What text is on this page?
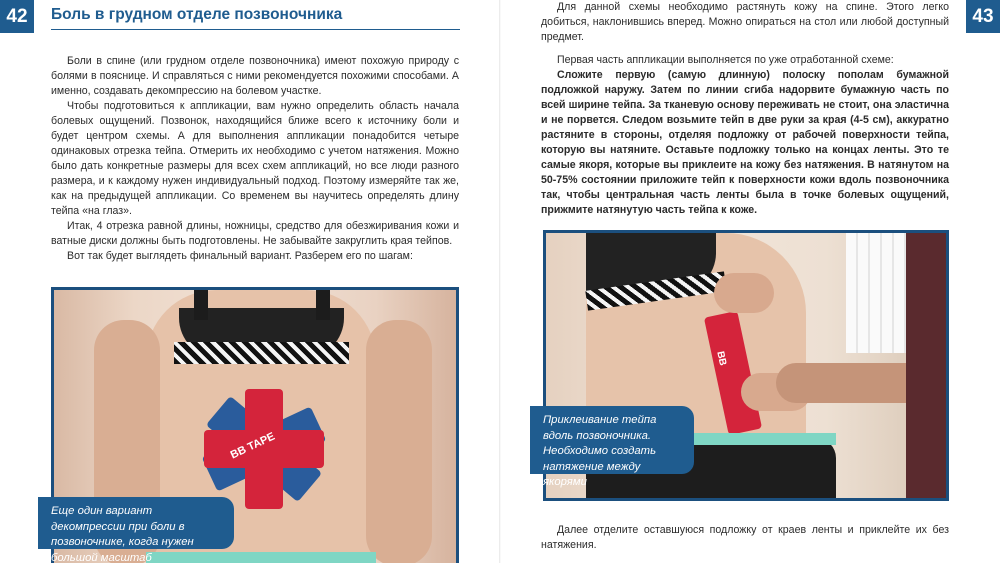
42	Боль в грудном отделе позвоночника

Боли в спине (или грудном отделе позвоночника) имеют похожую природу с болями в пояснице. И справляться с ними рекомендуется похожими способами. А именно, создавать декомпрессию на болевом участке.

Чтобы подготовиться к аппликации, вам нужно определить область начала болевых ощущений. Позвонок, находящийся ближе всего к источнику боли и будет центром схемы. А для выполнения аппликации понадобится четыре одинаковых отрезка тейпа. Отмерить их необходимо с учетом натяжения. Можно было дать конкретные размеры для всех схем аппликаций, но все люди разного размера, и к каждому нужен индивидуальный подход. Поэтому измеряйте так же, как на предыдущей аппликации. Со временем вы научитесь определять длину тейпа «на глаз».

Итак, 4 отрезка равной длины, ножницы, средство для обезжиривания кожи и ватные диски должны быть подготовлены. Не забывайте закруглить края тейпов.

Вот так будет выглядеть финальный вариант. Разберем его по шагам:

BB TAPE
Еще один вариант декомпрессии при боли в позвоночнике, когда нужен большой масштаб
43

Для данной схемы необходимо растянуть кожу на спине. Этого легко добиться, наклонившись вперед. Можно опираться на стол или любой доступный предмет.

Первая часть аппликации выполняется по уже отработанной схеме:

Сложите первую (самую длинную) полоску пополам бумажной подложкой наружу. Затем по линии сгиба надорвите бумажную часть по всей ширине тейпа. За тканевую основу переживать не стоит, она эластична и не порвется. Следом возьмите тейп в две руки за края (4-5 см), аккуратно растяните в стороны, отделяя подложку от рабочей поверхности тейпа, которую вы натяните. Оставьте подложку только на концах ленты. Это те самые якоря, которые вы приклеите на кожу без натяжения. В натянутом на 50-75% состоянии приложите тейп к поверхности кожи вдоль позвоночника так, чтобы центральная часть ленты была в точке болевых ощущений, прижмите натянутую часть тейпа к коже.

BB
Приклеивание тейпа вдоль позвоночника. Необходимо создать натяжение между якорями

Далее отделите оставшуюся подложку от краев ленты и приклейте их без натяжения.
